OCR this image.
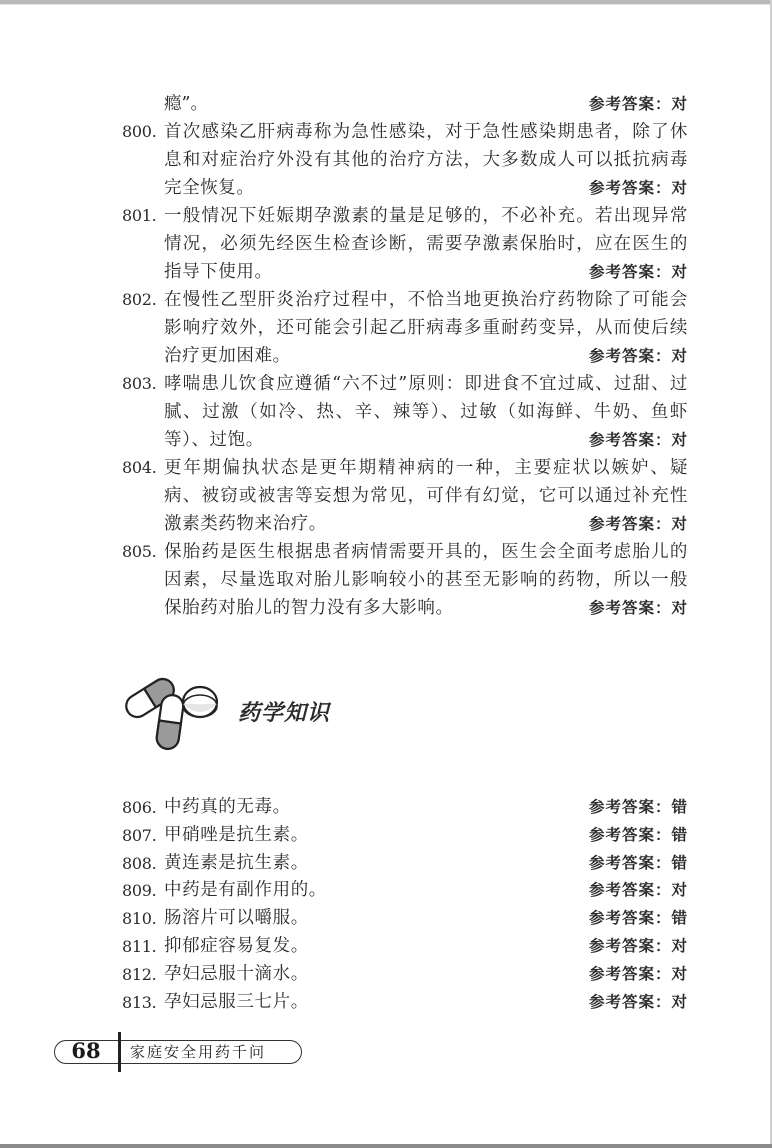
瘾”。	参考答案：对
800. 首次感染乙肝病毒称为急性感染，对于急性感染期患者，除了休息和对症治疗外没有其他的治疗方法，大多数成人可以抵抗病毒完全恢复。	参考答案：对
801. 一般情况下妊娠期孕激素的量是足够的，不必补充。若出现异常情况，必须先经医生检查诊断，需要孕激素保胎时，应在医生的指导下使用。	参考答案：对
802. 在慢性乙型肝炎治疗过程中，不恰当地更换治疗药物除了可能会影响疗效外，还可能会引起乙肝病毒多重耐药变异，从而使后续治疗更加困难。	参考答案：对
803. 哮喘患儿饮食应遵循“六不过”原则：即进食不宜过咸、过甜、过腻、过激（如冷、热、辛、辣等）、过敏（如海鲜、牛奶、鱼虾等）、过饱。	参考答案：对
804. 更年期偏执状态是更年期精神病的一种，主要症状以嫉妒、疑病、被窃或被害等妄想为常见，可伴有幻觉，它可以通过补充性激素类药物来治疗。	参考答案：对
805. 保胎药是医生根据患者病情需要开具的，医生会全面考虑胎儿的因素，尽量选取对胎儿影响较小的甚至无影响的药物，所以一般保胎药对胎儿的智力没有多大影响。	参考答案：对
药学知识
806. 中药真的无毒。	参考答案：错
807. 甲硝唑是抗生素。	参考答案：错
808. 黄连素是抗生素。	参考答案：错
809. 中药是有副作用的。	参考答案：对
810. 肠溶片可以嚼服。	参考答案：错
811. 抑郁症容易复发。	参考答案：对
812. 孕妇忌服十滴水。	参考答案：对
813. 孕妇忌服三七片。	参考答案：对
68	家庭安全用药千问
